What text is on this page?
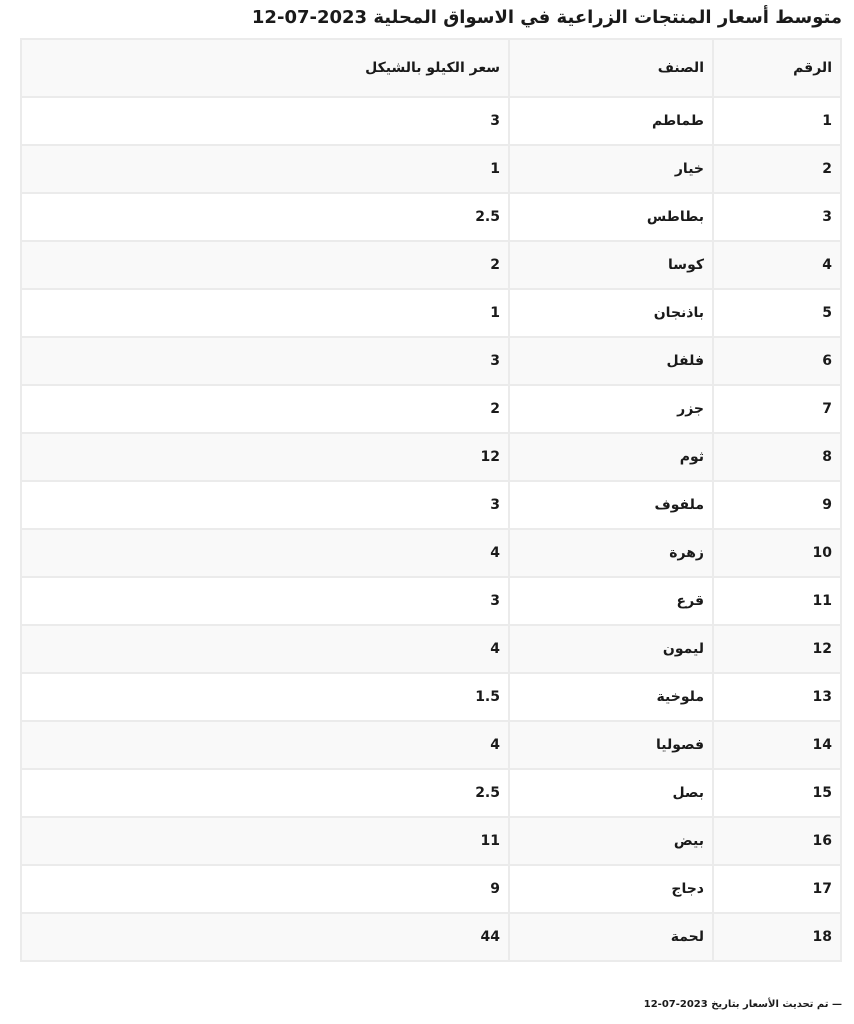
متوسط أسعار المنتجات الزراعية في الاسواق المحلية 2023-07-12
الرقم	الصنف	سعر الكيلو بالشيكل
1	طماطم	3
2	خيار	1
3	بطاطس	2.5
4	كوسا	2
5	باذنجان	1
6	فلفل	3
7	جزر	2
8	ثوم	12
9	ملفوف	3
10	زهرة	4
11	قرع	3
12	ليمون	4
13	ملوخية	1.5
14	فصوليا	4
15	بصل	2.5
16	بيض	11
17	دجاج	9
18	لحمة	44
— تم تحديث الأسعار بتاريخ 2023-07-12
